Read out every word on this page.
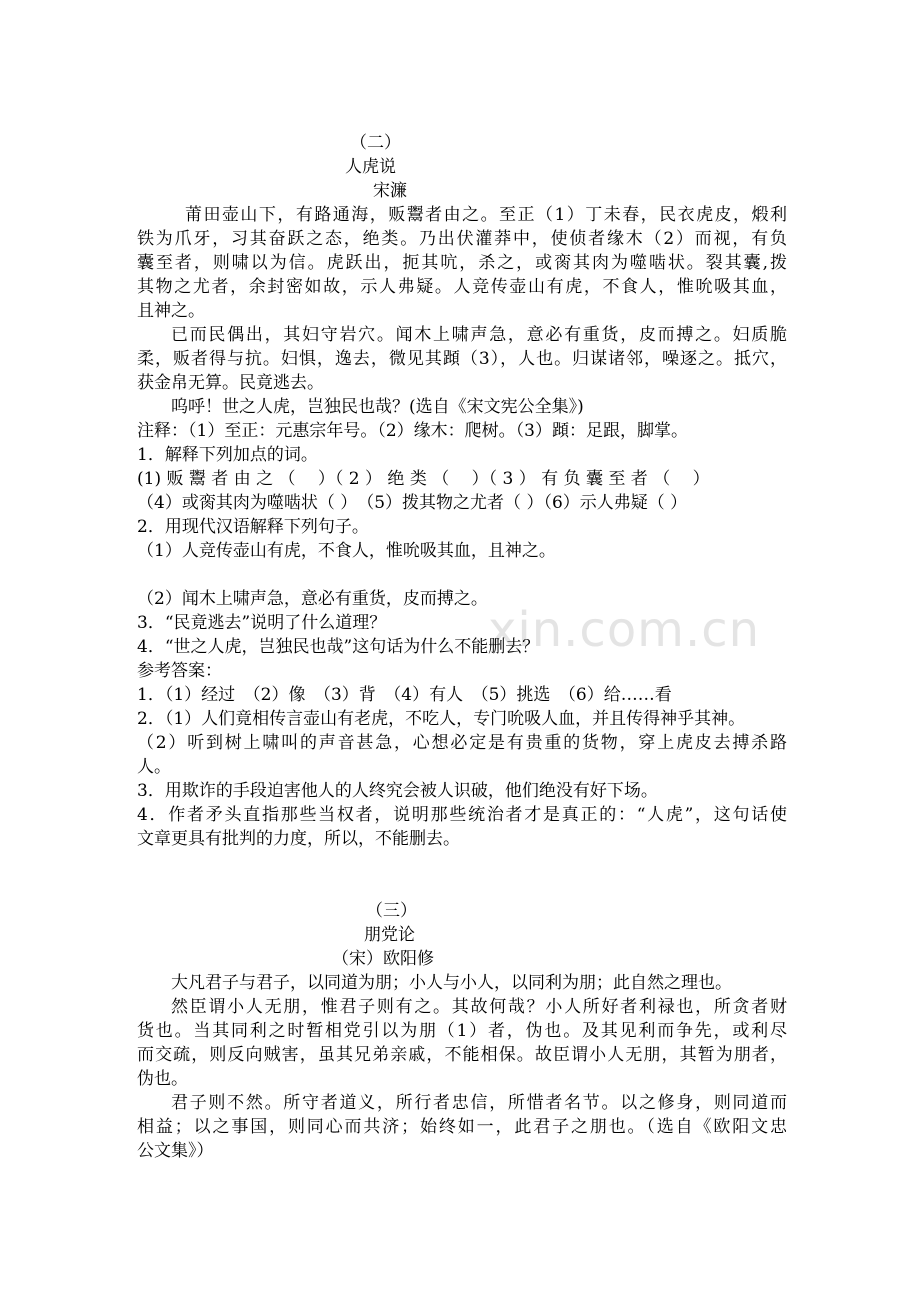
xin.com.cn
（二）
人虎说
宋濂
莆田壶山下，有路通海，贩鬻者由之。至正（1）丁未春，民衣虎皮，煅利
铁为爪牙，习其奋跃之态，绝类。乃出伏灌莽中，使侦者缘木（2）而视，有负
囊至者，则啸以为信。虎跃出，扼其吭，杀之，或脔其肉为噬啮状。裂其囊,拨
其物之尤者，余封密如故，示人弗疑。人竞传壶山有虎，不食人，惟吮吸其血，
且神之。
已而民偶出，其妇守岩穴。闻木上啸声急，意必有重货，皮而搏之。妇质脆
柔，贩者得与抗。妇惧，逸去，微见其蹞（3），人也。归谋诸邻，噪逐之。抵穴，
获金帛无算。民竟逃去。
呜呼！世之人虎，岂独民也哉？(选自《宋文宪公全集》)
注释：（1）至正：元惠宗年号。（2）缘木：爬树。（3）蹞：足跟，脚掌。
1．解释下列加点的词。
(1) 贩 鬻 者 由 之 （　 ）（ 2 ） 绝 类 （　 ）（ 3 ） 有 负 囊 至 者 （　 ）
（4）或脔其肉为噬啮状（ ）　（5）拨其物之尤者（ ）（6）示人弗疑（ ）
2．用现代汉语解释下列句子。
（1）人竞传壶山有虎，不食人，惟吮吸其血，且神之。
（2）闻木上啸声急，意必有重货，皮而搏之。
3．“民竟逃去”说明了什么道理？
4．“世之人虎，岂独民也哉”这句话为什么不能删去？
参考答案：
1．（1）经过　（2）像　（3）背　（4）有人　（5）挑选　（6）给……看
2．（1）人们竟相传言壶山有老虎，不吃人，专门吮吸人血，并且传得神乎其神。
（2）听到树上啸叫的声音甚急，心想必定是有贵重的货物，穿上虎皮去搏杀路
人。
3．用欺诈的手段迫害他人的人终究会被人识破，他们绝没有好下场。
4．作者矛头直指那些当权者，说明那些统治者才是真正的：“人虎”，这句话使
文章更具有批判的力度，所以，不能删去。
（三）
朋党论
（宋）欧阳修
大凡君子与君子，以同道为朋；小人与小人，以同利为朋；此自然之理也。
然臣谓小人无朋，惟君子则有之。其故何哉？小人所好者利禄也，所贪者财
货也。当其同利之时暂相党引以为朋（1）者，伪也。及其见利而争先，或利尽
而交疏，则反向贼害，虽其兄弟亲戚，不能相保。故臣谓小人无朋，其暂为朋者，
伪也。
君子则不然。所守者道义，所行者忠信，所惜者名节。以之修身，则同道而
相益；以之事国，则同心而共济；始终如一，此君子之朋也。（选自《欧阳文忠
公文集》）
